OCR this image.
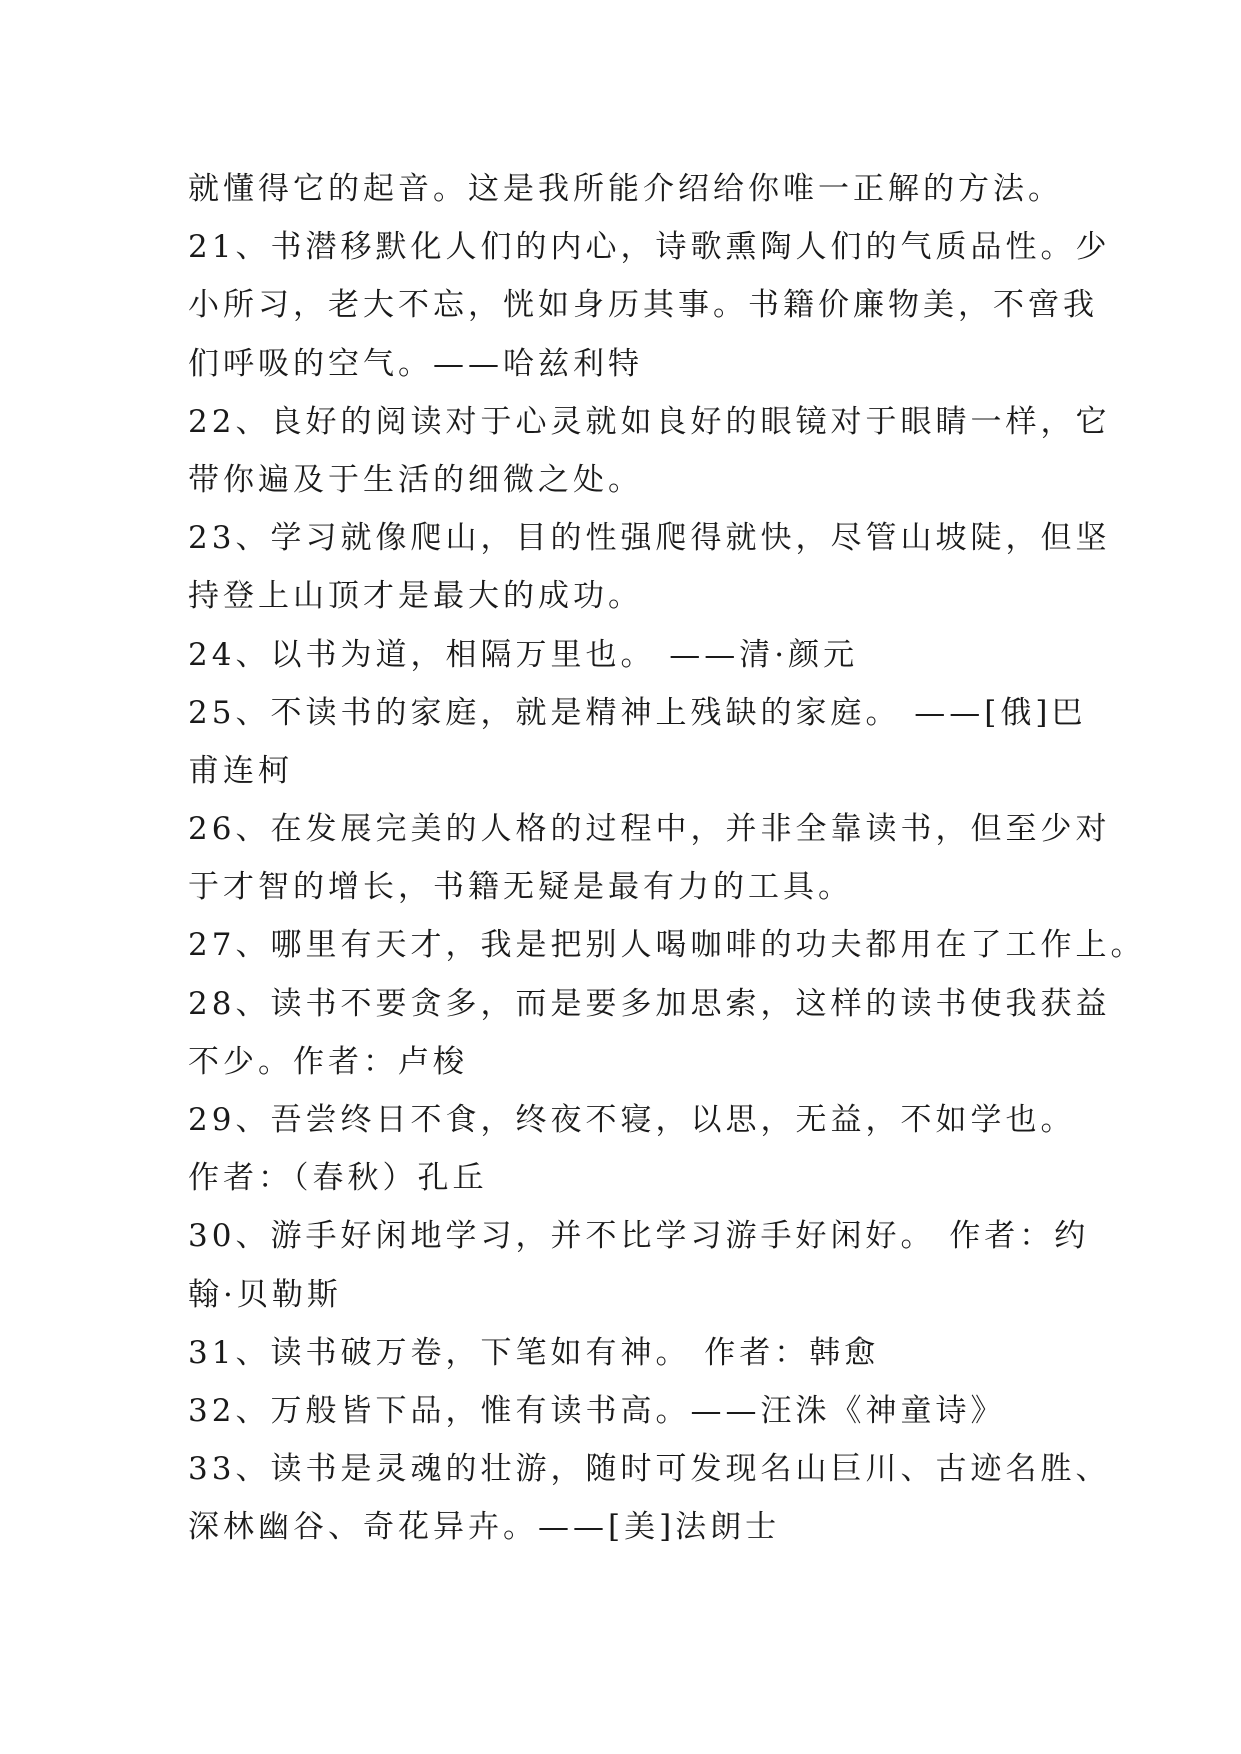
就懂得它的起音。这是我所能介绍给你唯一正解的方法。
21、书潜移默化人们的内心，诗歌熏陶人们的气质品性。少
小所习，老大不忘，恍如身历其事。书籍价廉物美，不啻我
们呼吸的空气。——哈兹利特
22、良好的阅读对于心灵就如良好的眼镜对于眼睛一样，它
带你遍及于生活的细微之处。
23、学习就像爬山，目的性强爬得就快，尽管山坡陡，但坚
持登上山顶才是最大的成功。
24、以书为道，相隔万里也。 ——清·颜元
25、不读书的家庭，就是精神上残缺的家庭。 ——[俄]巴
甫连柯
26、在发展完美的人格的过程中，并非全靠读书，但至少对
于才智的增长，书籍无疑是最有力的工具。
27、哪里有天才，我是把别人喝咖啡的功夫都用在了工作上。
28、读书不要贪多，而是要多加思索，这样的读书使我获益
不少。作者：卢梭
29、吾尝终日不食，终夜不寝，以思，无益，不如学也。
作者：（春秋）孔丘
30、游手好闲地学习，并不比学习游手好闲好。 作者：约
翰·贝勒斯
31、读书破万卷，下笔如有神。 作者：韩愈
32、万般皆下品，惟有读书高。——汪洙《神童诗》
33、读书是灵魂的壮游，随时可发现名山巨川、古迹名胜、
深林幽谷、奇花异卉。——[美]法朗士
